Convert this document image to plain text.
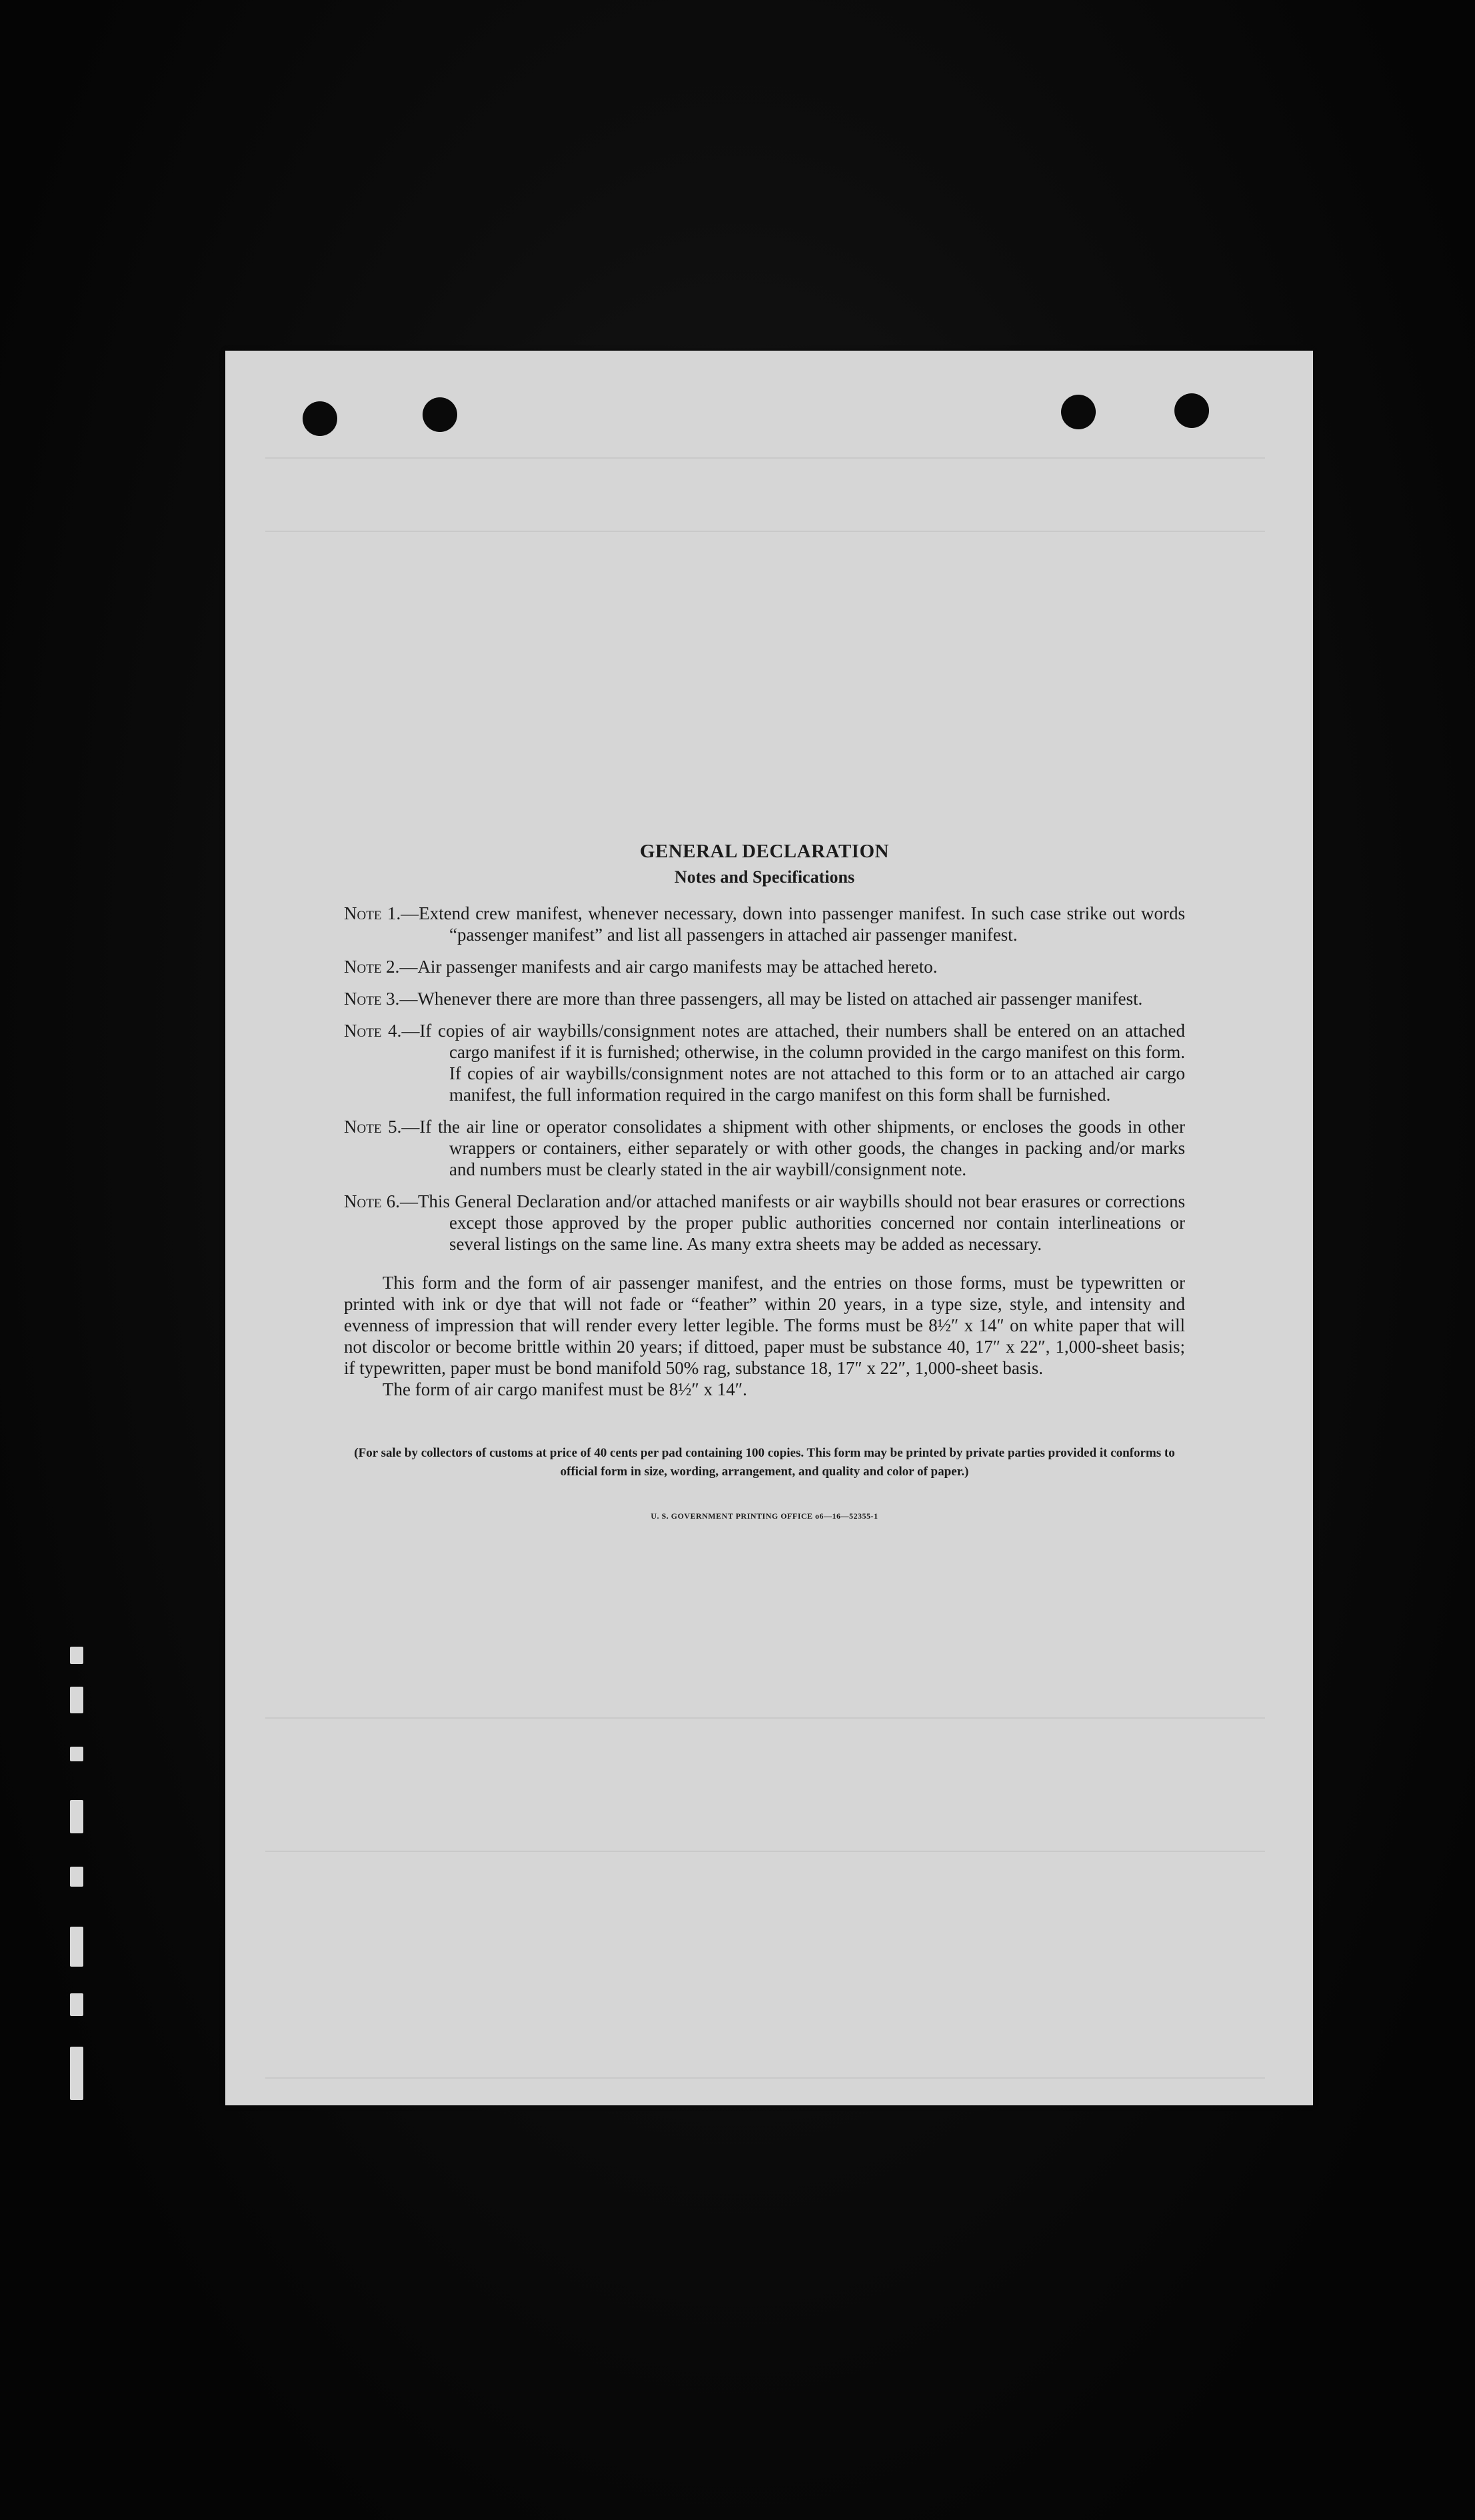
GENERAL DECLARATION

Notes and Specifications

Note 1.—Extend crew manifest, whenever necessary, down into passenger manifest. In such case strike out words “passenger manifest” and list all passengers in attached air passenger manifest.

Note 2.—Air passenger manifests and air cargo manifests may be attached hereto.

Note 3.—Whenever there are more than three passengers, all may be listed on attached air passenger manifest.

Note 4.—If copies of air waybills/consignment notes are attached, their numbers shall be entered on an attached cargo manifest if it is furnished; otherwise, in the column provided in the cargo manifest on this form. If copies of air waybills/consignment notes are not attached to this form or to an attached air cargo manifest, the full information required in the cargo manifest on this form shall be furnished.

Note 5.—If the air line or operator consolidates a shipment with other shipments, or encloses the goods in other wrappers or containers, either separately or with other goods, the changes in packing and/or marks and numbers must be clearly stated in the air waybill/consignment note.

Note 6.—This General Declaration and/or attached manifests or air waybills should not bear erasures or corrections except those approved by the proper public authorities concerned nor contain interlineations or several listings on the same line. As many extra sheets may be added as necessary.

This form and the form of air passenger manifest, and the entries on those forms, must be typewritten or printed with ink or dye that will not fade or “feather” within 20 years, in a type size, style, and intensity and evenness of impression that will render every letter legible. The forms must be 8½″ x 14″ on white paper that will not discolor or become brittle within 20 years; if dittoed, paper must be substance 40, 17″ x 22″, 1,000-sheet basis; if typewritten, paper must be bond manifold 50% rag, substance 18, 17″ x 22″, 1,000-sheet basis.

The form of air cargo manifest must be 8½″ x 14″.

(For sale by collectors of customs at price of 40 cents per pad containing 100 copies. This form may be printed by private parties provided it conforms to official form in size, wording, arrangement, and quality and color of paper.)

U. S. GOVERNMENT PRINTING OFFICE o6—16—52355-1
